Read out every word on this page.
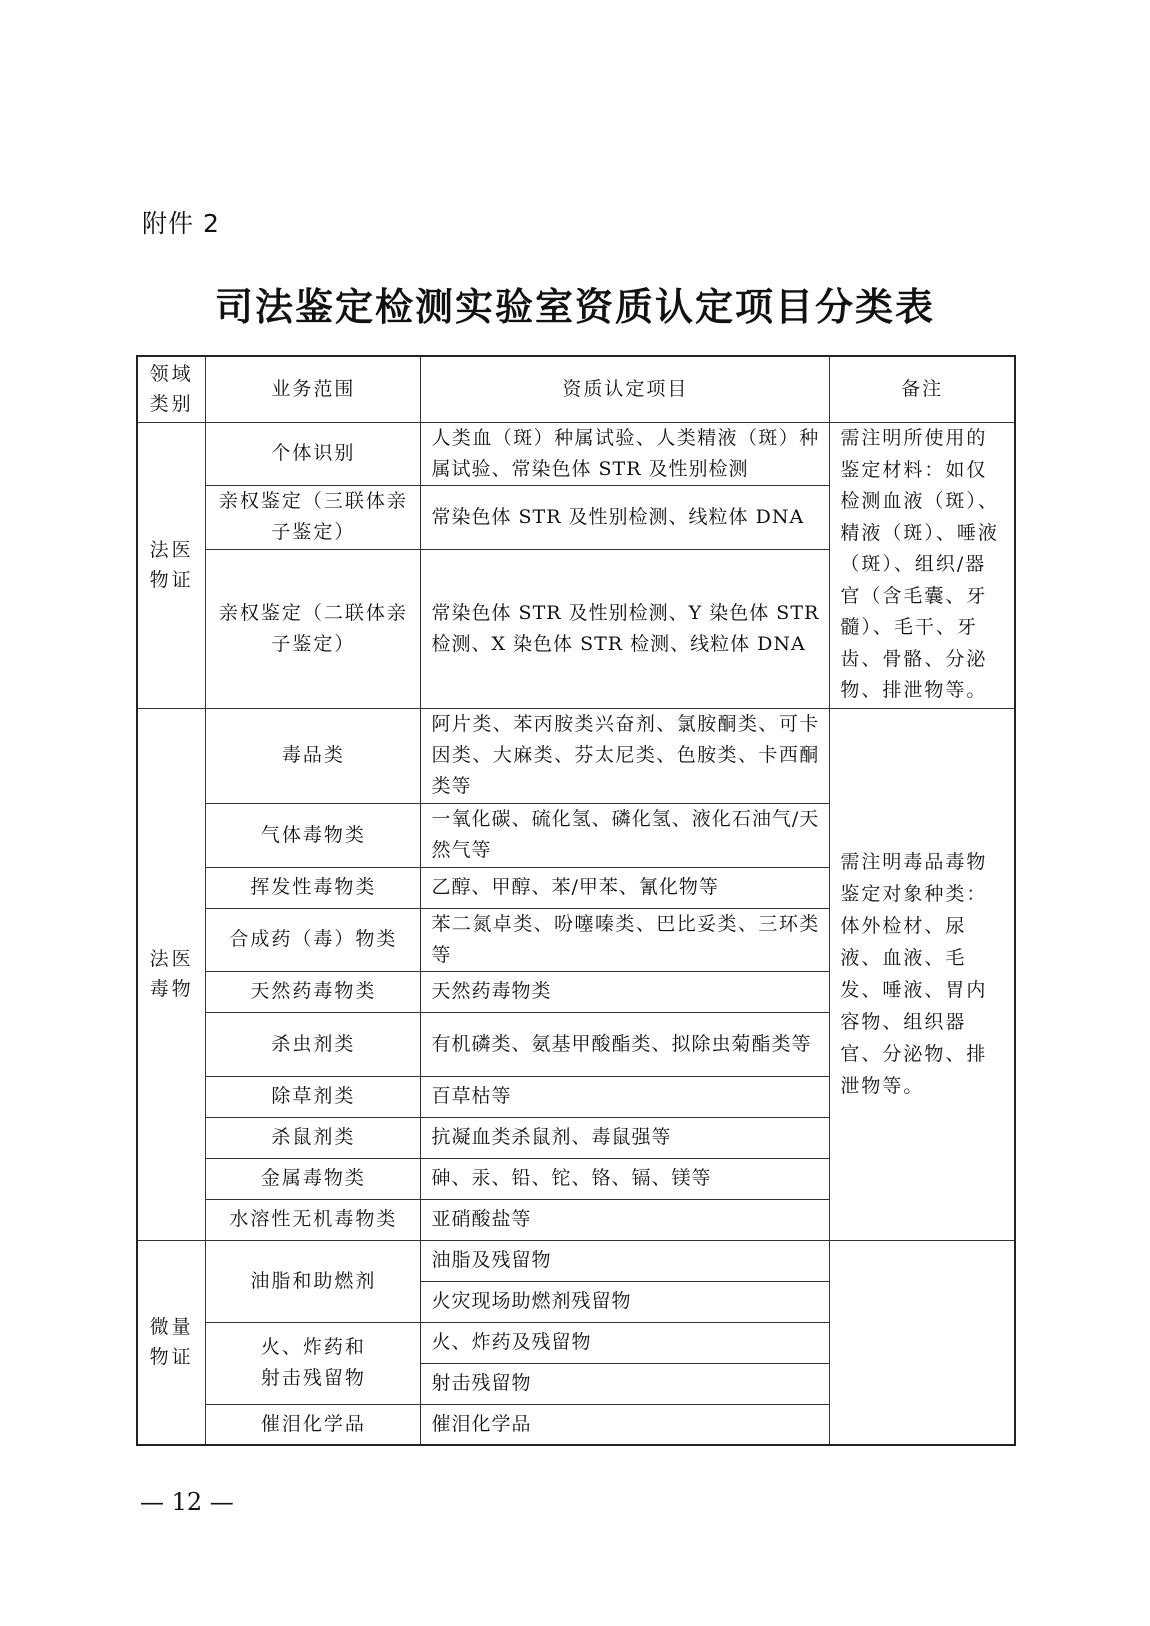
附件 2
司法鉴定检测实验室资质认定项目分类表
领域类别	业务范围	资质认定项目	备注
法医物证	个体识别	人类血（斑）种属试验、人类精液（斑）种属试验、常染色体 STR 及性别检测	需注明所使用的鉴定材料：如仅检测血液（斑）、精液（斑）、唾液（斑）、组织/器官（含毛囊、牙髓）、毛干、牙齿、骨骼、分泌物、排泄物等。
	亲权鉴定（三联体亲子鉴定）	常染色体 STR 及性别检测、线粒体 DNA	
	亲权鉴定（二联体亲子鉴定）	常染色体 STR 及性别检测、Y 染色体 STR 检测、X 染色体 STR 检测、线粒体 DNA	
法医毒物	毒品类	阿片类、苯丙胺类兴奋剂、氯胺酮类、可卡因类、大麻类、芬太尼类、色胺类、卡西酮类等	需注明毒品毒物鉴定对象种类：体外检材、尿液、血液、毛发、唾液、胃内容物、组织器官、分泌物、排泄物等。
	气体毒物类	一氧化碳、硫化氢、磷化氢、液化石油气/天然气等	
	挥发性毒物类	乙醇、甲醇、苯/甲苯、氰化物等	
	合成药（毒）物类	苯二氮卓类、吩噻嗪类、巴比妥类、三环类等	
	天然药毒物类	天然药毒物类	
	杀虫剂类	有机磷类、氨基甲酸酯类、拟除虫菊酯类等	
	除草剂类	百草枯等	
	杀鼠剂类	抗凝血类杀鼠剂、毒鼠强等	
	金属毒物类	砷、汞、铅、铊、铬、镉、镁等	
	水溶性无机毒物类	亚硝酸盐等	
微量物证	油脂和助燃剂	油脂及残留物	
		火灾现场助燃剂残留物	
	火、炸药和射击残留物	火、炸药及残留物	
		射击残留物	
	催泪化学品	催泪化学品	
— 12 —
